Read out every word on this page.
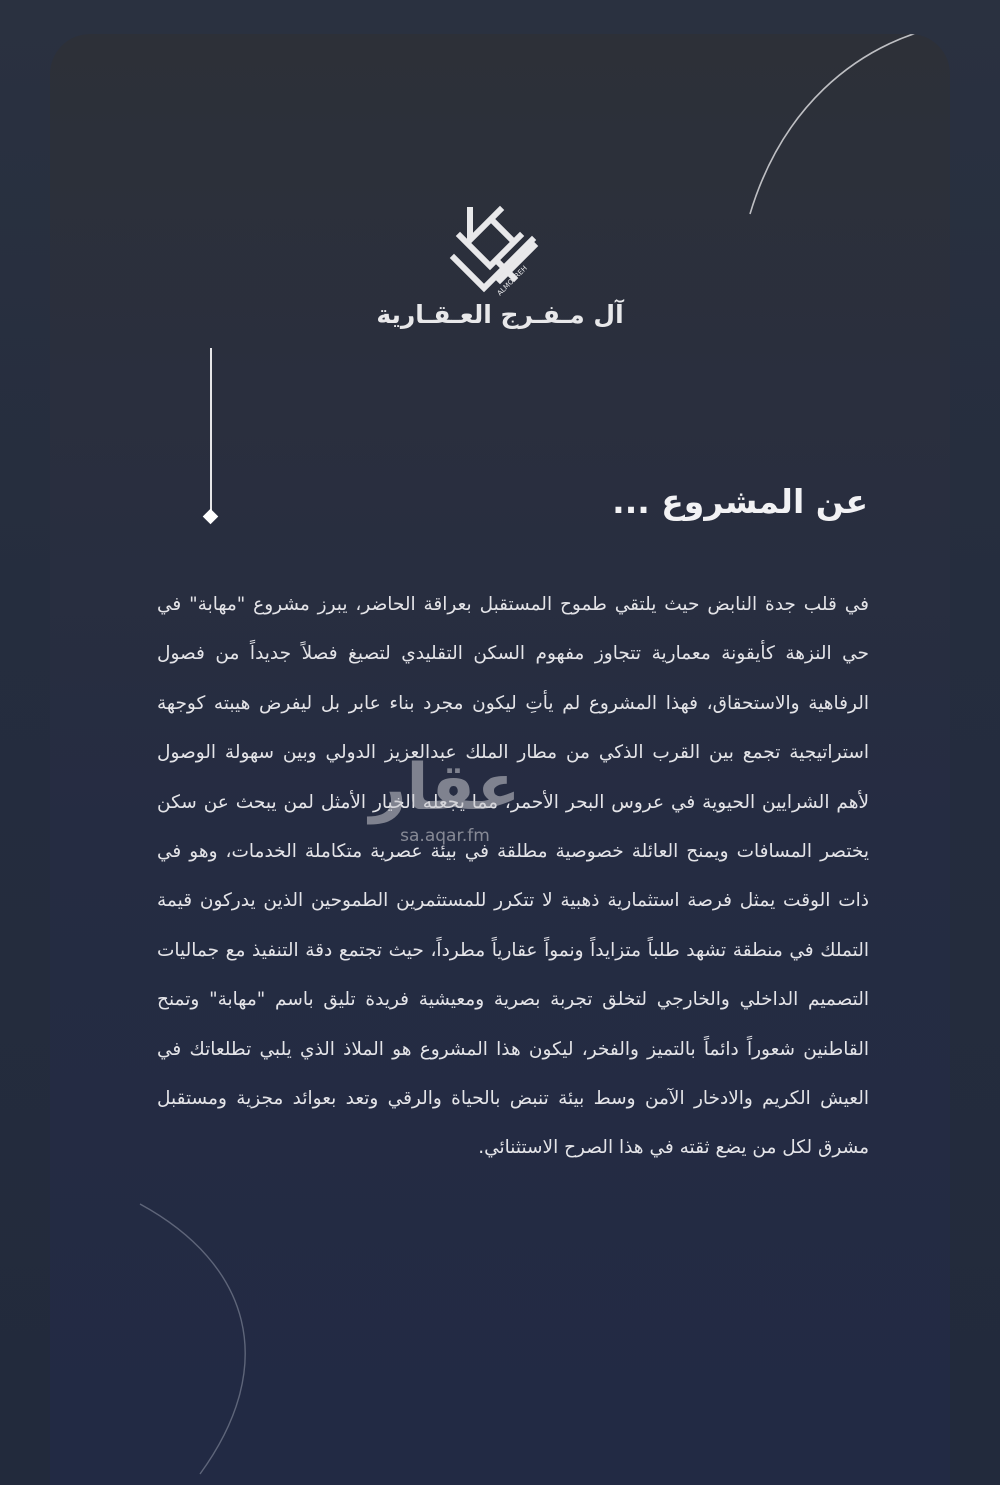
ALMOFREH
آل مـفـرج العـقـارية
عن المشروع ...

في قلب جدة النابض حيث يلتقي طموح المستقبل بعراقة الحاضر، يبرز مشروع "مهابة" في حي النزهة كأيقونة معمارية تتجاوز مفهوم السكن التقليدي لتصيغ فصلاً جديداً من فصول الرفاهية والاستحقاق، فهذا المشروع لم يأتِ ليكون مجرد بناء عابر بل ليفرض هيبته كوجهة استراتيجية تجمع بين القرب الذكي من مطار الملك عبدالعزيز الدولي وبين سهولة الوصول لأهم الشرايين الحيوية في عروس البحر الأحمر، مما يجعله الخيار الأمثل لمن يبحث عن سكن يختصر المسافات ويمنح العائلة خصوصية مطلقة في بيئة عصرية متكاملة الخدمات، وهو في ذات الوقت يمثل فرصة استثمارية ذهبية لا تتكرر للمستثمرين الطموحين الذين يدركون قيمة التملك في منطقة تشهد طلباً متزايداً ونمواً عقارياً مطرداً، حيث تجتمع دقة التنفيذ مع جماليات التصميم الداخلي والخارجي لتخلق تجربة بصرية ومعيشية فريدة تليق باسم "مهابة" وتمنح القاطنين شعوراً دائماً بالتميز والفخر، ليكون هذا المشروع هو الملاذ الذي يلبي تطلعاتك في العيش الكريم والادخار الآمن وسط بيئة تنبض بالحياة والرقي وتعد بعوائد مجزية ومستقبل مشرق لكل من يضع ثقته في هذا الصرح الاستثنائي.

عقار
sa.aqar.fm
